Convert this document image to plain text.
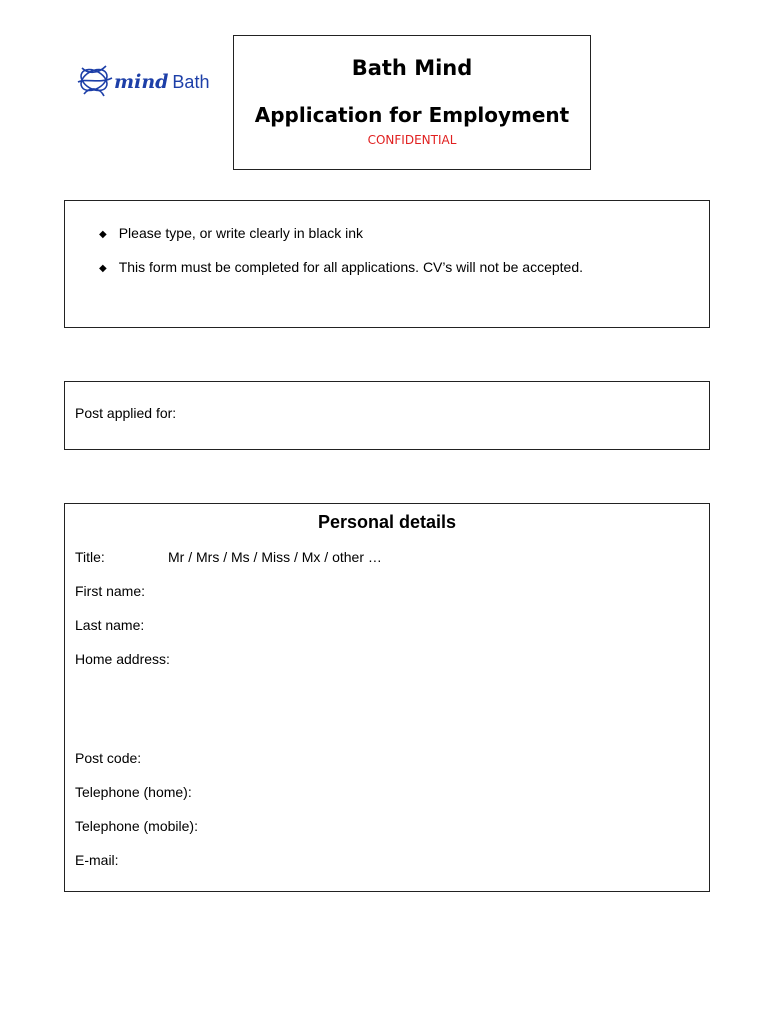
mind Bath
Bath Mind
Application for Employment
CONFIDENTIAL
◆ Please type, or write clearly in black ink
◆ This form must be completed for all applications. CV’s will not be accepted.
Post applied for:
Personal details
Title:	Mr / Mrs / Ms / Miss / Mx / other …
First name:
Last name:
Home address:
Post code:
Telephone (home):
Telephone (mobile):
E-mail:
